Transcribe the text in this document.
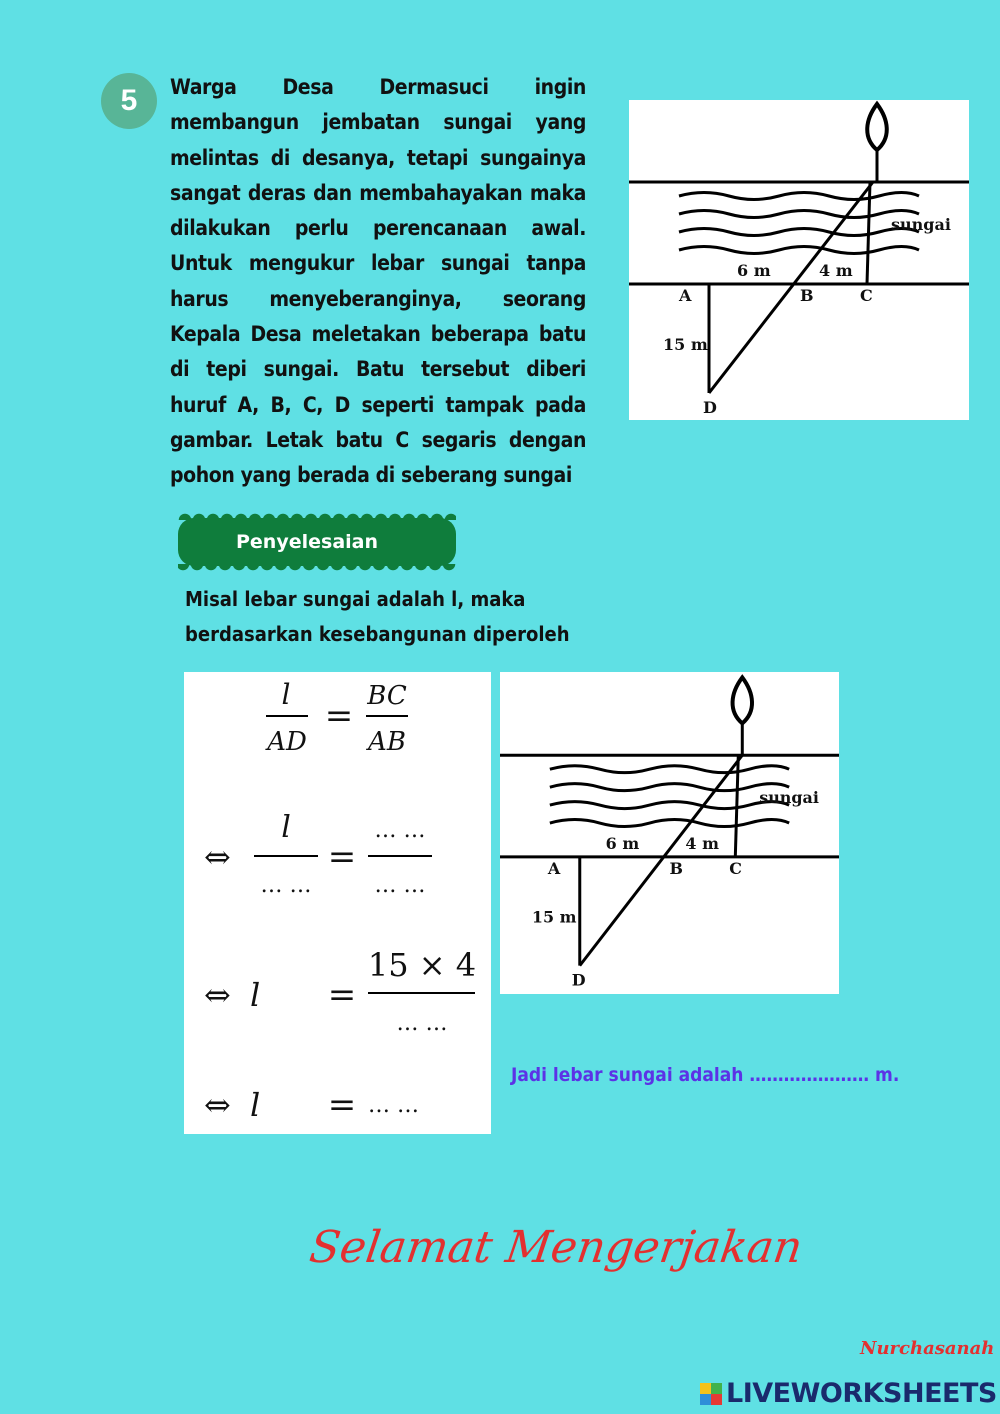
5	Warga Desa Dermasuci ingin membangun jembatan sungai yang melintas di desanya, tetapi sungainya sangat deras dan membahayakan maka dilakukan perlu perencanaan awal. Untuk mengukur lebar sungai tanpa harus menyeberanginya, seorang Kepala Desa meletakan beberapa batu di tepi sungai. Batu tersebut diberi huruf A, B, C, D seperti tampak pada gambar. Letak batu C segaris dengan pohon yang berada di seberang sungai
sungai
6 m	4 m
A	B	C
15 m
D
Penyelesaian
Misal lebar sungai adalah l, maka
berdasarkan kesebangunan diperoleh
l
AD
= BC
AB
⇔
l
… …
=
… …
… …
⇔ l =
15 × 4
… …
⇔ l = … …
sungai
6 m	4 m
A	B	C
15 m
D
Jadi lebar sungai adalah ………………… m.
Selamat Mengerjakan
Nurchasanah
LIVEWORKSHEETS
